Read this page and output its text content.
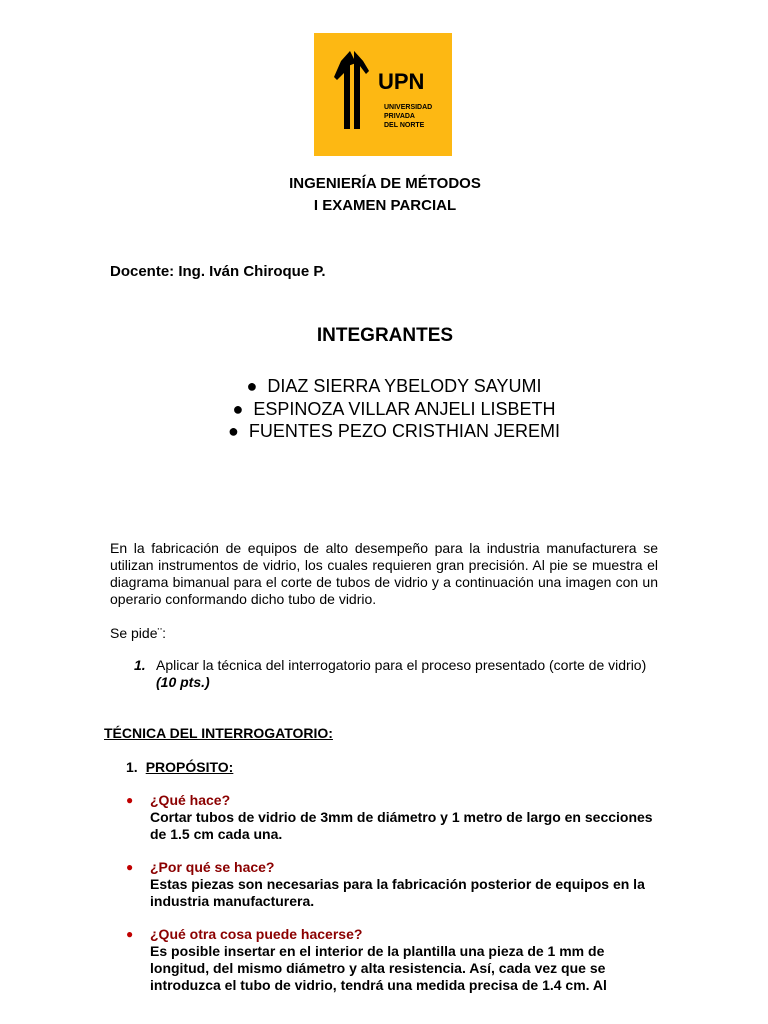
UPN
UNIVERSIDAD
PRIVADA
DEL NORTE
INGENIERÍA DE MÉTODOS
I EXAMEN PARCIAL
Docente: Ing. Iván Chiroque P.
INTEGRANTES
● DIAZ SIERRA YBELODY SAYUMI
● ESPINOZA VILLAR ANJELI LISBETH
● FUENTES PEZO CRISTHIAN JEREMI
En la fabricación de equipos de alto desempeño para la industria manufacturera se utilizan instrumentos de vidrio, los cuales requieren gran precisión. Al pie se muestra el diagrama bimanual para el corte de tubos de vidrio y a continuación una imagen con un operario conformando dicho tubo de vidrio.
Se pide¨:
1. Aplicar la técnica del interrogatorio para el proceso presentado (corte de vidrio) (10 pts.)
TÉCNICA DEL INTERROGATORIO:
1. PROPÓSITO:
● ¿Qué hace?
Cortar tubos de vidrio de 3mm de diámetro y 1 metro de largo en secciones de 1.5 cm cada una.
● ¿Por qué se hace?
Estas piezas son necesarias para la fabricación posterior de equipos en la industria manufacturera.
● ¿Qué otra cosa puede hacerse?
Es posible insertar en el interior de la plantilla una pieza de 1 mm de longitud, del mismo diámetro y alta resistencia. Así, cada vez que se introduzca el tubo de vidrio, tendrá una medida precisa de 1.4 cm. Al
